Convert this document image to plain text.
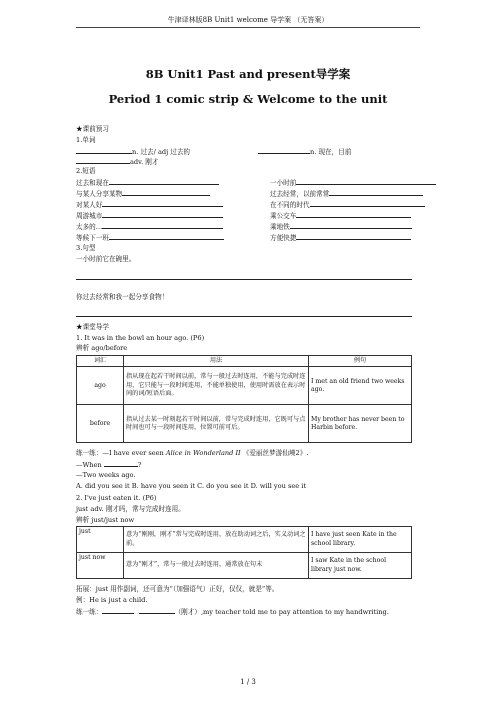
牛津译林版8B Unit1 welcome 导学案 （无答案）
8B Unit1 Past and present导学案
Period 1 comic strip & Welcome to the unit
★课前预习
1.单词
n. 过去/ adj 过去的	n. 现在，目前
adv. 刚才
2.短语
过去和现在	一小时前
与某人分享某物	过去经常，以前常常
对某人好	在不同的时代
周游城市	乘公交车
太多的…	乘地铁
等候下一班	方便快捷
3.句型
一小时前它在碗里。
你过去经常和我一起分享食物！
★课堂导学
1. It was in the bowl an hour ago. (P6)
辨析 ago/before
词汇	用法	例句
ago	指从现在起若干时间以前，常与一般过去时连用，不能与完成时连用，它只能与一段时间连用，不能单独使用，使用时需放在表示时间的词/短语后面。	I met an old friend two weeks ago.
before	指从过去某一时刻起若干时间以前，常与完成时连用，它既可与点时间也可与一段时间连用，位置可前可后。	My brother has never been to Harbin before.
练一练：—I have ever seen Alice in Wonderland II 《爱丽丝梦游仙境2》.
—When	?
—Two weeks ago.
A. did you see it B. have you seen it C. do you see it D. will you see it
2. I've just eaten it. (P6)
just adv. 刚才吗，常与完成时连用。
辨析 just/just now
just	意为“刚刚，刚才”常与完成时连用，放在助动词之后，实义动词之前。	I have just seen Kate in the school library.
just now	意为“刚才”，常与一般过去时连用，通常放在句末	I saw Kate in the school library just now.
拓展：just 用作副词，还可意为“（加强语气）正好，仅仅，就是”等。
例：He is just a child.
练一练：	（刚才）,my teacher told me to pay attention to my handwriting.
1 / 3
